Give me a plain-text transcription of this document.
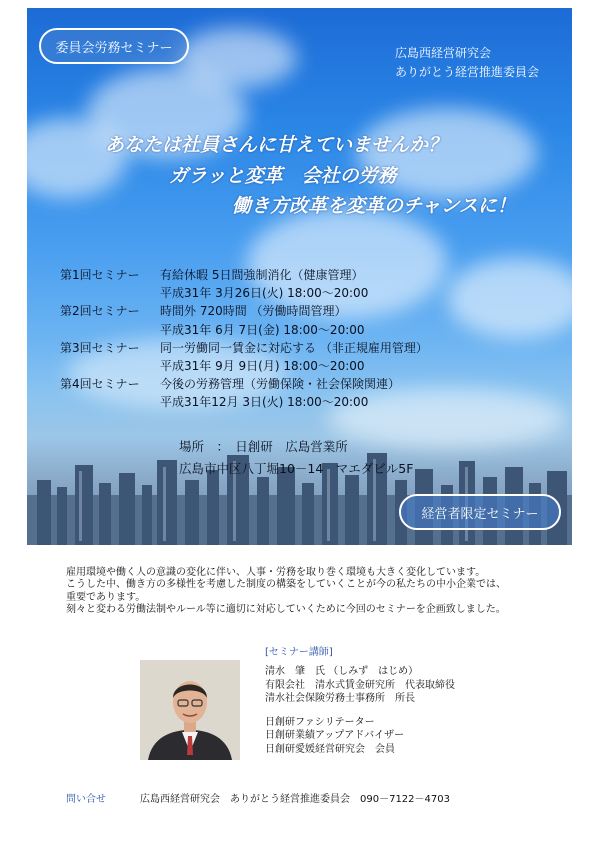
委員会労務セミナー	広島西経営研究会
ありがとう経営推進委員会
あなたは社員さんに甘えていませんか？
ガラッと変革　会社の労務
働き方改革を変革のチャンスに！
第1回セミナー	有給休暇 5日間強制消化（健康管理）
平成31年 3月26日(火) 18:00～20:00
第2回セミナー	時間外 720時間 （労働時間管理）
平成31年 6月 7日(金) 18:00～20:00
第3回セミナー	同一労働同一賃金に対応する （非正規雇用管理）
平成31年 9月 9日(月) 18:00～20:00
第4回セミナー	今後の労務管理（労働保険・社会保険関連）
平成31年12月 3日(火) 18:00～20:00
場所　：　日創研　広島営業所
広島市中区八丁堀10－14　マエダビル5F
経営者限定セミナー
雇用環境や働く人の意識の変化に伴い、人事・労務を取り巻く環境も大きく変化しています。
こうした中、働き方の多様性を考慮した制度の構築をしていくことが今の私たちの中小企業では、
重要であります。
刻々と変わる労働法制やルール等に適切に対応していくために今回のセミナーを企画致しました。
[セミナー講師]
清水　肇　氏 （しみず　はじめ）
有限会社　清水式賃金研究所　代表取締役
清水社会保険労務士事務所　所長
日創研ファシリテーター
日創研業績アップアドバイザー
日創研愛媛経営研究会　会員
問い合せ	広島西経営研究会　ありがとう経営推進委員会　090－7122－4703
